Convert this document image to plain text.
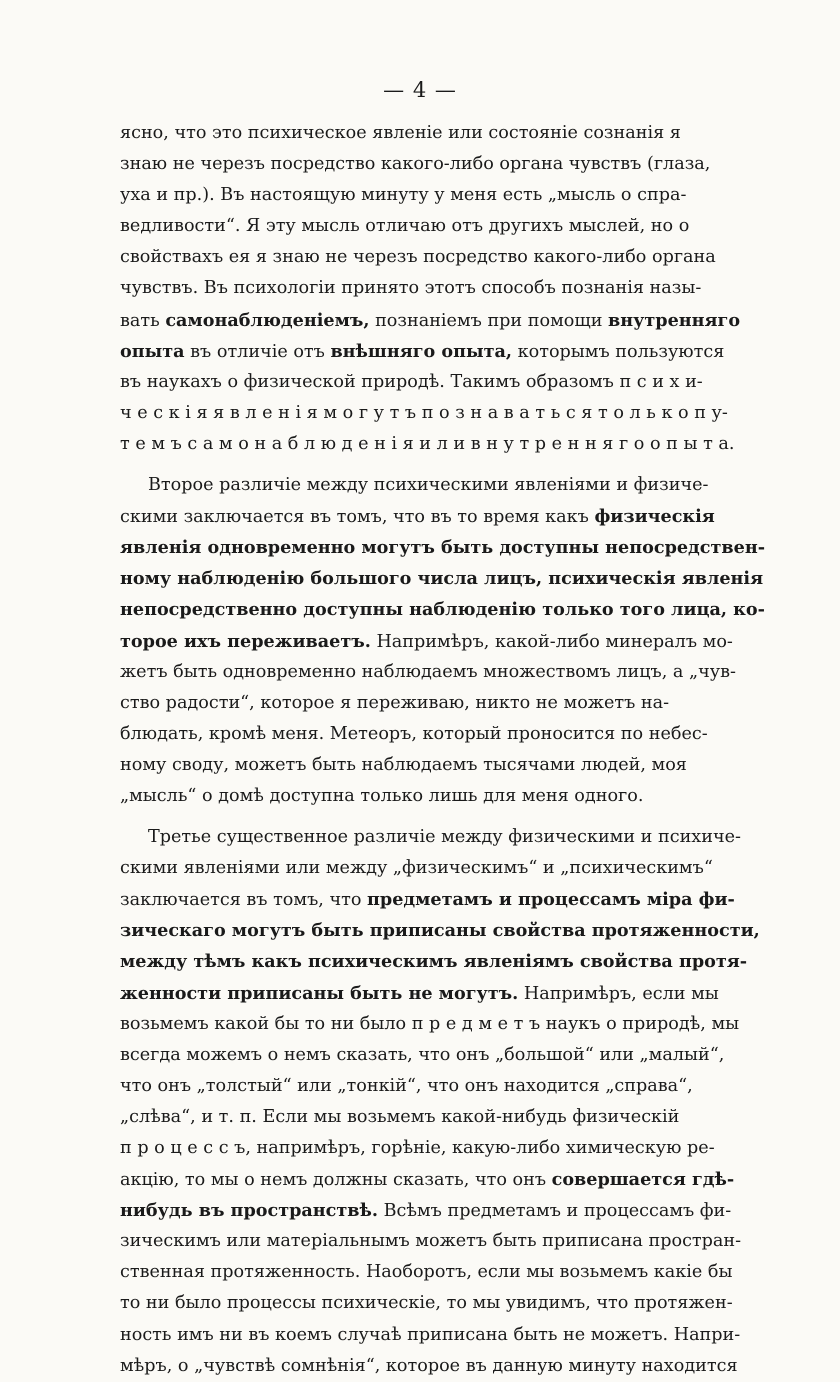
— 4 —
ясно, что это психическое явленіе или состояніе сознанія я
знаю не черезъ посредство какого-либо органа чувствъ (глаза,
уха и пр.). Въ настоящую минуту у меня есть „мысль о спра-
ведливости“. Я эту мысль отличаю отъ другихъ мыслей, но о
свойствахъ ея я знаю не черезъ посредство какого-либо органа
чувствъ. Въ психологіи принято этотъ способъ познанія назы-
вать самонаблюденіемъ, познаніемъ при помощи внутренняго
опыта въ отличіе отъ внѣшняго опыта, которымъ пользуются
въ наукахъ о физической природѣ. Такимъ образомъ п с и х и-
ч е с к і я я в л е н і я м о г у т ъ п о з н а в а т ь с я т о л ь к о п у-
т е м ъ с а м о н а б л ю д е н і я и л и в н у т р е н н я г о о п ы т а.
Второе различіе между психическими явленіями и физиче-
скими заключается въ томъ, что въ то время какъ физическія
явленія одновременно могутъ быть доступны непосредствен-
ному наблюденію большого числа лицъ, психическія явленія
непосредственно доступны наблюденію только того лица, ко-
торое ихъ переживаетъ. Напримѣръ, какой-либо минералъ мо-
жетъ быть одновременно наблюдаемъ множествомъ лицъ, а „чув-
ство радости“, которое я переживаю, никто не можетъ на-
блюдать, кромѣ меня. Метеоръ, который проносится по небес-
ному своду, можетъ быть наблюдаемъ тысячами людей, моя
„мысль“ о домѣ доступна только лишь для меня одного.
Третье существенное различіе между физическими и психиче-
скими явленіями или между „физическимъ“ и „психическимъ“
заключается въ томъ, что предметамъ и процессамъ міра фи-
зическаго могутъ быть приписаны свойства протяженности,
между тѣмъ какъ психическимъ явленіямъ свойства протя-
женности приписаны быть не могутъ. Напримѣръ, если мы
возьмемъ какой бы то ни было п р е д м е т ъ наукъ о природѣ, мы
всегда можемъ о немъ сказать, что онъ „большой“ или „малый“,
что онъ „толстый“ или „тонкій“, что онъ находится „справа“,
„слѣва“, и т. п. Если мы возьмемъ какой-нибудь физическій
п р о ц е с с ъ, напримѣръ, горѣніе, какую-либо химическую ре-
акцію, то мы о немъ должны сказать, что онъ совершается гдѣ-
нибудь въ пространствѣ. Всѣмъ предметамъ и процессамъ фи-
зическимъ или матеріальнымъ можетъ быть приписана простран-
ственная протяженность. Наоборотъ, если мы возьмемъ какіе бы
то ни было процессы психическіе, то мы увидимъ, что протяжен-
ность имъ ни въ коемъ случаѣ приписана быть не можетъ. Напри-
мѣръ, о „чувствѣ сомнѣнія“, которое въ данную минуту находится
